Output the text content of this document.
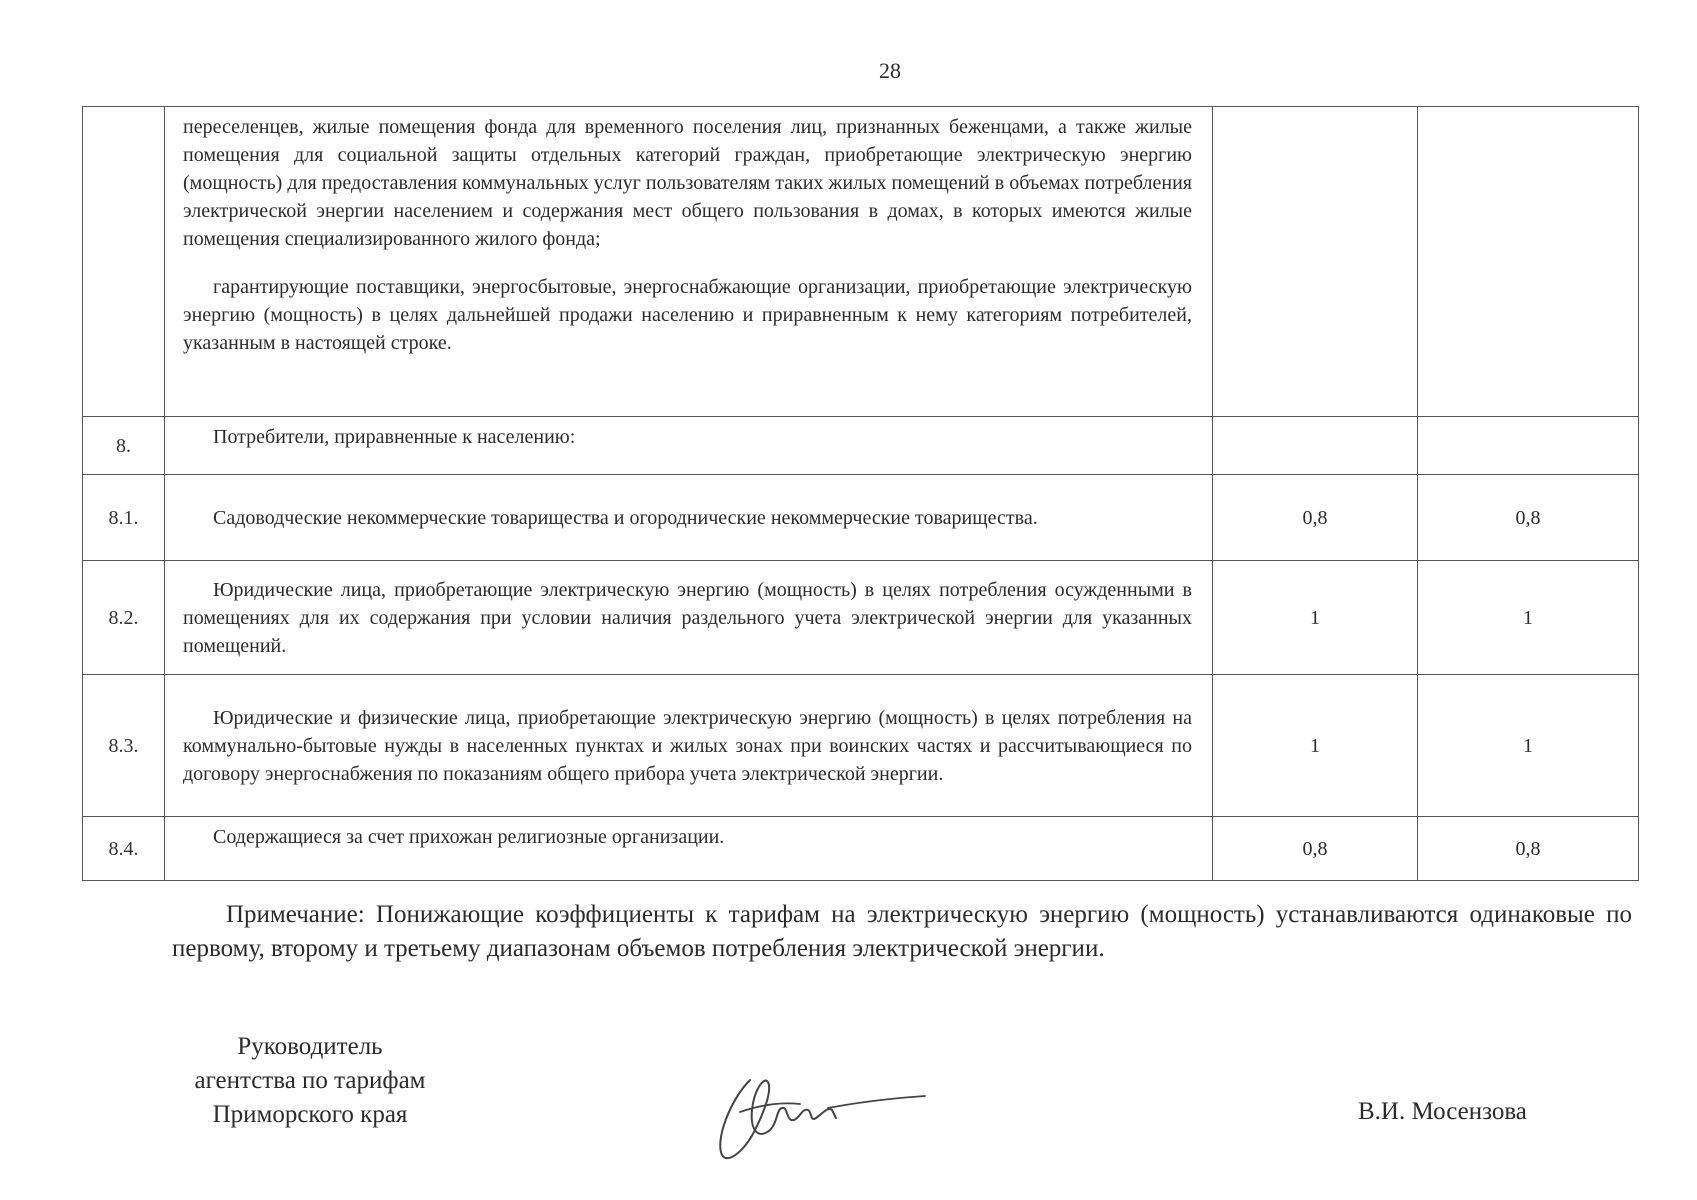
28

	переселенцев, жилые помещения фонда для временного поселения лиц, признанных беженцами, а также жилые помещения для социальной защиты отдельных категорий граждан, приобретающие электрическую энергию (мощность) для предоставления коммунальных услуг пользователям таких жилых помещений в объемах потребления электрической энергии населением и содержания мест общего пользования в домах, в которых имеются жилые помещения специализированного жилого фонда;
гарантирующие поставщики, энергосбытовые, энергоснабжающие организации, приобретающие электрическую энергию (мощность) в целях дальнейшей продажи населению и приравненным к нему категориям потребителей, указанным в настоящей строке.		

8.	Потребители, приравненные к населению:		
8.1.	Садоводческие некоммерческие товарищества и огороднические некоммерческие товарищества.	0,8	0,8
8.2.	Юридические лица, приобретающие электрическую энергию (мощность) в целях потребления осужденными в помещениях для их содержания при условии наличия раздельного учета электрической энергии для указанных помещений.	1	1
8.3.	Юридические и физические лица, приобретающие электрическую энергию (мощность) в целях потребления на коммунально-бытовые нужды в населенных пунктах и жилых зонах при воинских частях и рассчитывающиеся по договору энергоснабжения по показаниям общего прибора учета электрической энергии.	1	1
8.4.	Содержащиеся за счет прихожан религиозные организации.	0,8	0,8
Примечание: Понижающие коэффициенты к тарифам на электрическую энергию (мощность) устанавливаются одинаковые по первому, второму и третьему диапазонам объемов потребления электрической энергии.
Руководитель
агентства по тарифам
Приморского края	В.И. Мосензова
